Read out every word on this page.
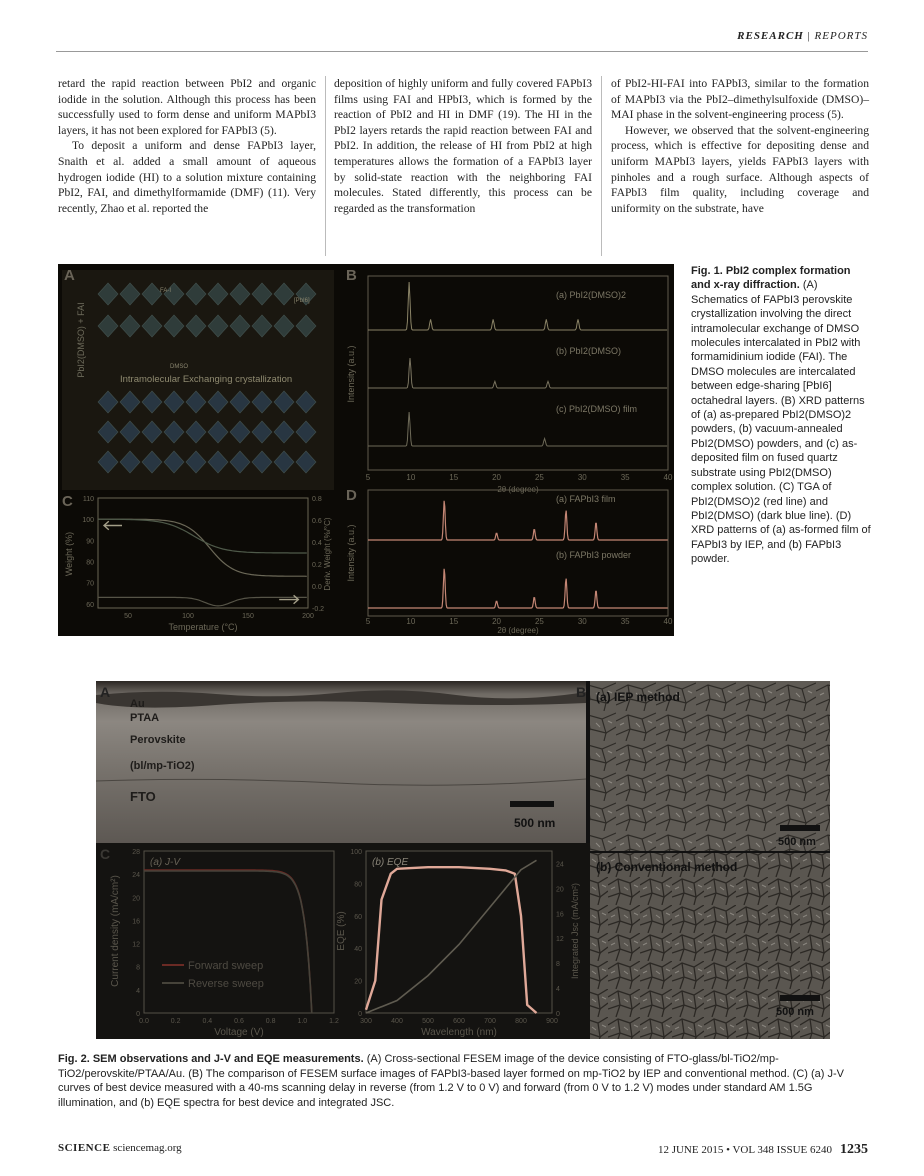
RESEARCH | REPORTS

retard the rapid reaction between PbI2 and organic iodide in the solution. Although this process has been successfully used to form dense and uniform MAPbI3 layers, it has not been explored for FAPbI3 (5).

To deposit a uniform and dense FAPbI3 layer, Snaith et al. added a small amount of aqueous hydrogen iodide (HI) to a solution mixture containing PbI2, FAI, and dimethylformamide (DMF) (11). Very recently, Zhao et al. reported the

deposition of highly uniform and fully covered FAPbI3 films using FAI and HPbI3, which is formed by the reaction of PbI2 and HI in DMF (19). The HI in the PbI2 layers retards the rapid reaction between FAI and PbI2. In addition, the release of HI from PbI2 at high temperatures allows the formation of a FAPbI3 layer by solid-state reaction with the neighboring FAI molecules. Stated differently, this process can be regarded as the transformation

of PbI2-HI-FAI into FAPbI3, similar to the formation of MAPbI3 via the PbI2–dimethylsulfoxide (DMSO)–MAI phase in the solvent-engineering process (5).

However, we observed that the solvent-engineering process, which is effective for depositing dense and uniform MAPbI3 layers, yields FAPbI3 layers with pinholes and a rough surface. Although aspects of FAPbI3 film quality, including coverage and uniformity on the substrate, have

A
PbI2(DMSO) + FAI
FA-I
[PbI6]
DMSO
Intramolecular Exchanging crystallization
B
5	10	15	20	25	30	35	40
(a) PbI2(DMSO)2
(b) PbI2(DMSO)
(c) PbI2(DMSO) film
Intensity (a.u.)
2θ (degree)
C
50	100	150	200
60
70
80
90
100
110
-0.2
0.0
0.2
0.4
0.6
0.8
Weight (%)	Deriv. Weight (%/°C)
Temperature (°C)
D
5	10	15	20	25	30	35	40
(a) FAPbI3 film
(b) FAPbI3 powder
Intensity (a.u.)
2θ (degree)
Fig. 1. PbI2 complex formation and x-ray diffraction. (A) Schematics of FAPbI3 perovskite crystallization involving the direct intramolecular exchange of DMSO molecules intercalated in PbI2 with formamidinium iodide (FAI). The DMSO molecules are intercalated between edge-sharing [PbI6] octahedral layers. (B) XRD patterns of (a) as-prepared PbI2(DMSO)2 powders, (b) vacuum-annealed PbI2(DMSO) powders, and (c) as-deposited film on fused quartz substrate using PbI2(DMSO) complex solution. (C) TGA of PbI2(DMSO)2 (red line) and PbI2(DMSO) (dark blue line). (D) XRD patterns of (a) as-formed film of FAPbI3 by IEP, and (b) FAPbI3 powder.
A
Au
PTAA
Perovskite
(bl/mp-TiO2)
FTO
500 nm
B (a) IEP method
500 nm
(b) Conventional method
500 nm
C
(a) J-V
0.0	0.2	0.4	0.6	0.8	1.0	1.2
0
4
8
12
16
20
24
28
Forward sweep
Reverse sweep
Voltage (V)
Current density (mA/cm²)
(b) EQE
300	400	500	600	700	800	900
0
20
40
60
80
100
0
4
8
12
16
20
24
Wavelength (nm)
EQE (%)	Integrated Jsc (mA/cm²)
Fig. 2. SEM observations and J-V and EQE measurements. (A) Cross-sectional FESEM image of the device consisting of FTO-glass/bl-TiO2/mp-TiO2/perovskite/PTAA/Au. (B) The comparison of FESEM surface images of FAPbI3-based layer formed on mp-TiO2 by IEP and conventional method. (C) (a) J-V curves of best device measured with a 40-ms scanning delay in reverse (from 1.2 V to 0 V) and forward (from 0 V to 1.2 V) modes under standard AM 1.5G illumination, and (b) EQE spectra for best device and integrated JSC.
SCIENCE sciencemag.org	12 JUNE 2015 • VOL 348 ISSUE 6240 1235
